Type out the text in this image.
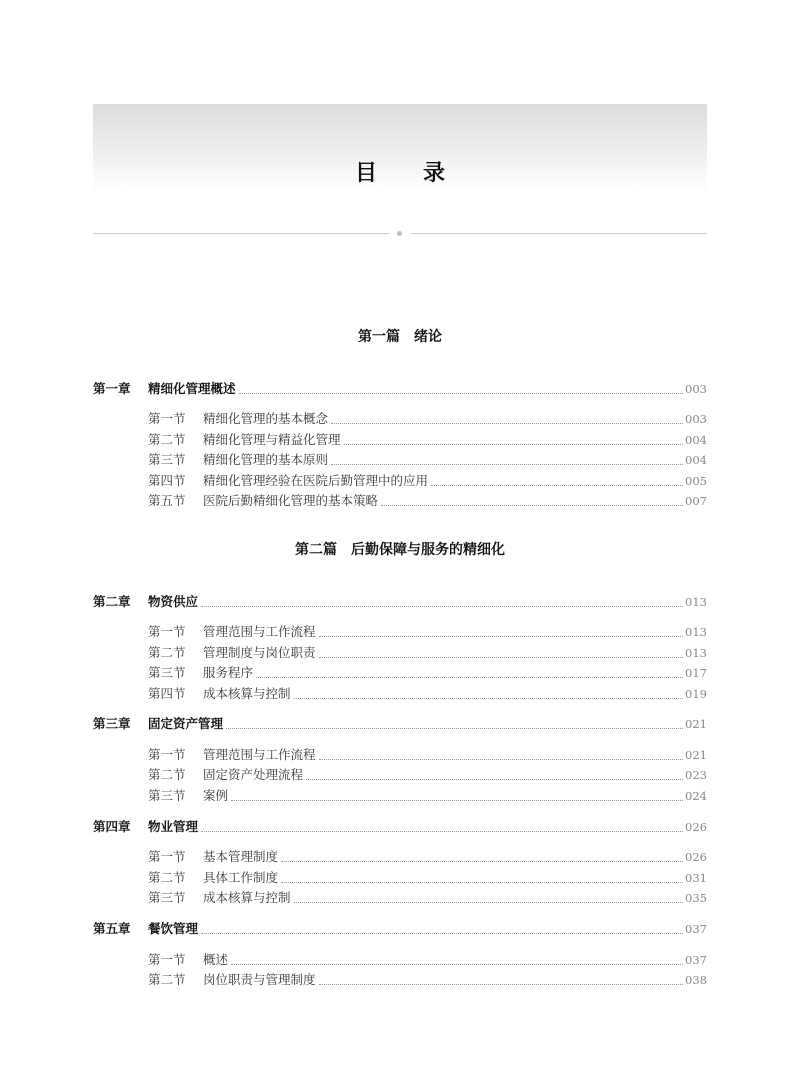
目录
第一篇　绪论
第一章	精细化管理概述	003
第一节	精细化管理的基本概念	003
第二节	精细化管理与精益化管理	004
第三节	精细化管理的基本原则	004
第四节	精细化管理经验在医院后勤管理中的应用	005
第五节	医院后勤精细化管理的基本策略	007
第二篇　后勤保障与服务的精细化
第二章	物资供应	013
第一节	管理范围与工作流程	013
第二节	管理制度与岗位职责	013
第三节	服务程序	017
第四节	成本核算与控制	019
第三章	固定资产管理	021
第一节	管理范围与工作流程	021
第二节	固定资产处理流程	023
第三节	案例	024
第四章	物业管理	026
第一节	基本管理制度	026
第二节	具体工作制度	031
第三节	成本核算与控制	035
第五章	餐饮管理	037
第一节	概述	037
第二节	岗位职责与管理制度	038
